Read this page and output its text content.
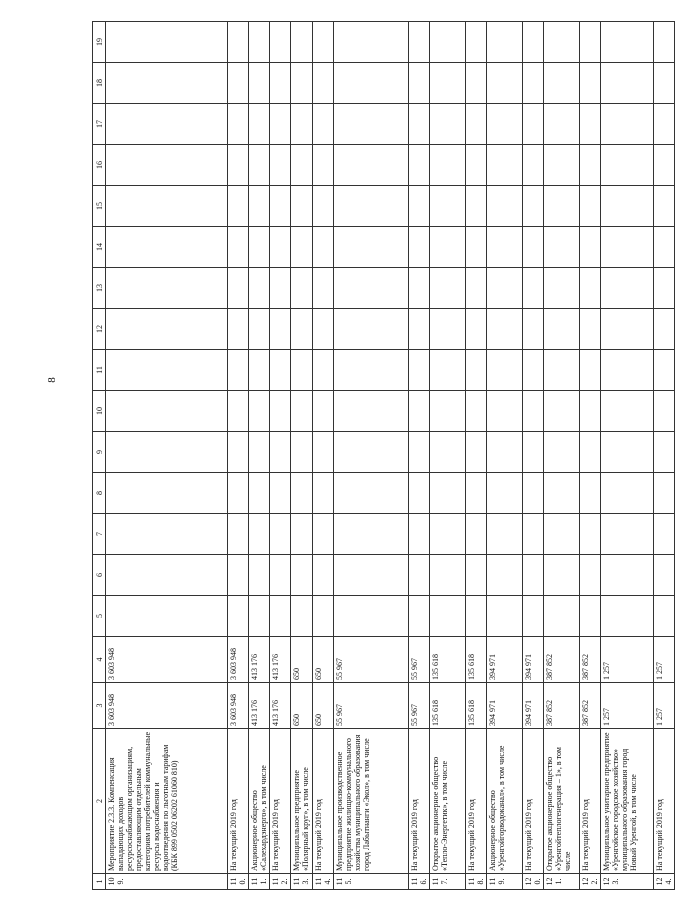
8
1	2	3	4	5	6	7	8	9	10	11	12	13	14	15	16	17	18	19
109.	Мероприятие 2.3.3. Компенсация выпадающих доходов ресурсоснабжающим организациям, предоставляющим отдельным категориям потребителей коммунальные ресурсы водоснабжения и водоотведения по льготным тарифам (КБК 899 0502 06202 61060 810)	3 603 948	3 603 948															
110.	На текущий 2019 год	3 603 948	3 603 948															
111.	Акционерное общество «Салехардэнерго», в том числе	413 176	413 176															
112.	На текущий 2019 год	413 176	413 176															
113.	Муниципальное предприятие «Полярный круг», в том числе	650	650															
114.	На текущий 2019 год	650	650															
115.	Муниципальное производственное предприятие жилищно-коммунального хозяйства муниципального образования город Лабытнанги «Экол», в том числе	55 967	55 967															
116.	На текущий 2019 год	55 967	55 967															
117.	Открытое акционерное общество «Тепло-Энергетик», в том числе	135 618	135 618															
118.	На текущий 2019 год	135 618	135 618															
119.	Акционерное общество «Уренгойгорводоканал», в том числе	394 971	394 971															
120.	На текущий 2019 год	394 971	394 971															
121.	Открытое акционерное общество «Уренгойтеплогенерация – 1», в том числе	387 852	387 852															
122.	На текущий 2019 год	387 852	387 852															
123.	Муниципальное унитарное предприятие «Уренгойское городское хозяйство» муниципального образования город Новый Уренгой, в том числе	1 257	1 257															
124.	На текущий 2019 год	1 257	1 257															
